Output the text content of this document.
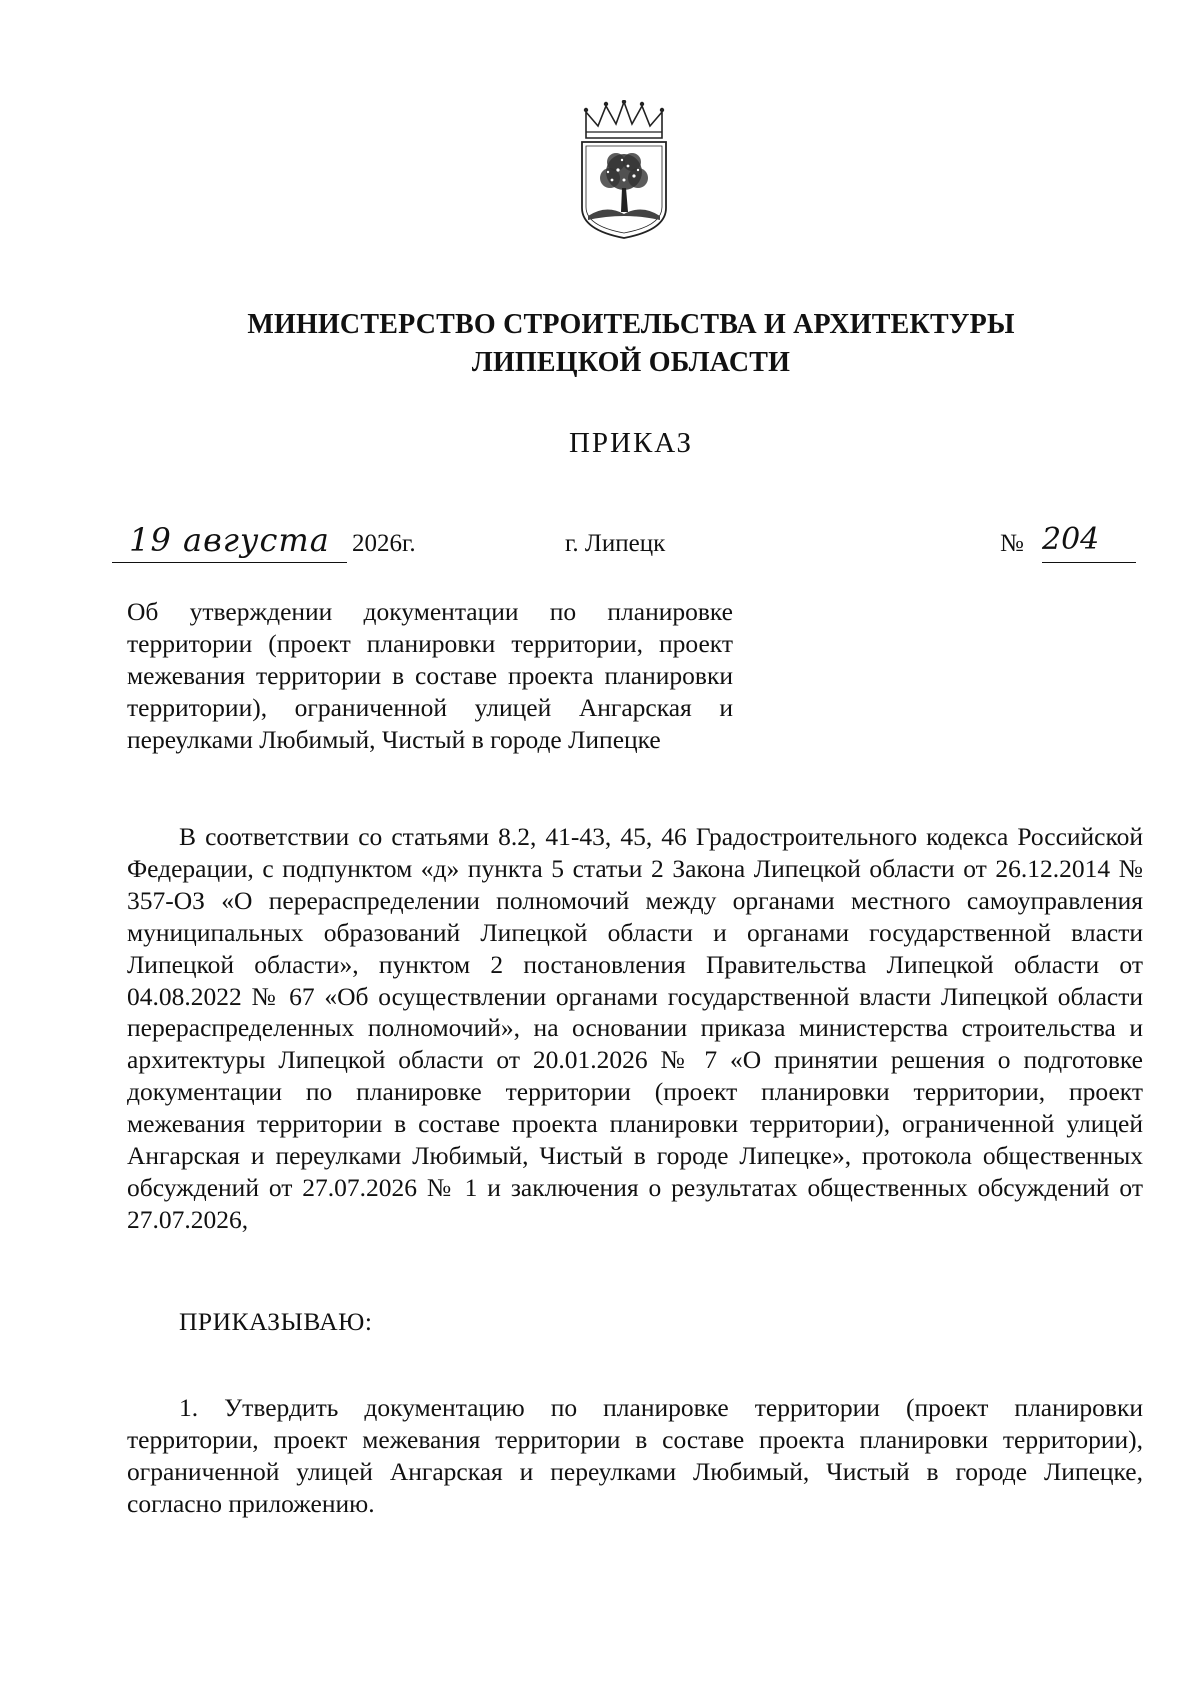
МИНИСТЕРСТВО СТРОИТЕЛЬСТВА И АРХИТЕКТУРЫ
ЛИПЕЦКОЙ ОБЛАСТИ
ПРИКАЗ
19 августа 2026г.	г. Липецк	№ 204
Об утверждении документации по планировке территории (проект планировки территории, проект межевания территории в составе проекта планировки территории), ограниченной улицей Ангарская и переулками Любимый, Чистый в городе Липецке
В соответствии со статьями 8.2, 41-43, 45, 46 Градостроительного кодекса Российской Федерации, с подпунктом «д» пункта 5 статьи 2 Закона Липецкой области от 26.12.2014 № 357-ОЗ «О перераспределении полномочий между органами местного самоуправления муниципальных образований Липецкой области и органами государственной власти Липецкой области», пунктом 2 постановления Правительства Липецкой области от 04.08.2022 № 67 «Об осуществлении органами государственной власти Липецкой области перераспределенных полномочий», на основании приказа министерства строительства и архитектуры Липецкой области от 20.01.2026 № 7 «О принятии решения о подготовке документации по планировке территории (проект планировки территории, проект межевания территории в составе проекта планировки территории), ограниченной улицей Ангарская и переулками Любимый, Чистый в городе Липецке», протокола общественных обсуждений от 27.07.2026 № 1 и заключения о результатах общественных обсуждений от 27.07.2026,
ПРИКАЗЫВАЮ:
1. Утвердить документацию по планировке территории (проект планировки территории, проект межевания территории в составе проекта планировки территории), ограниченной улицей Ангарская и переулками Любимый, Чистый в городе Липецке, согласно приложению.
